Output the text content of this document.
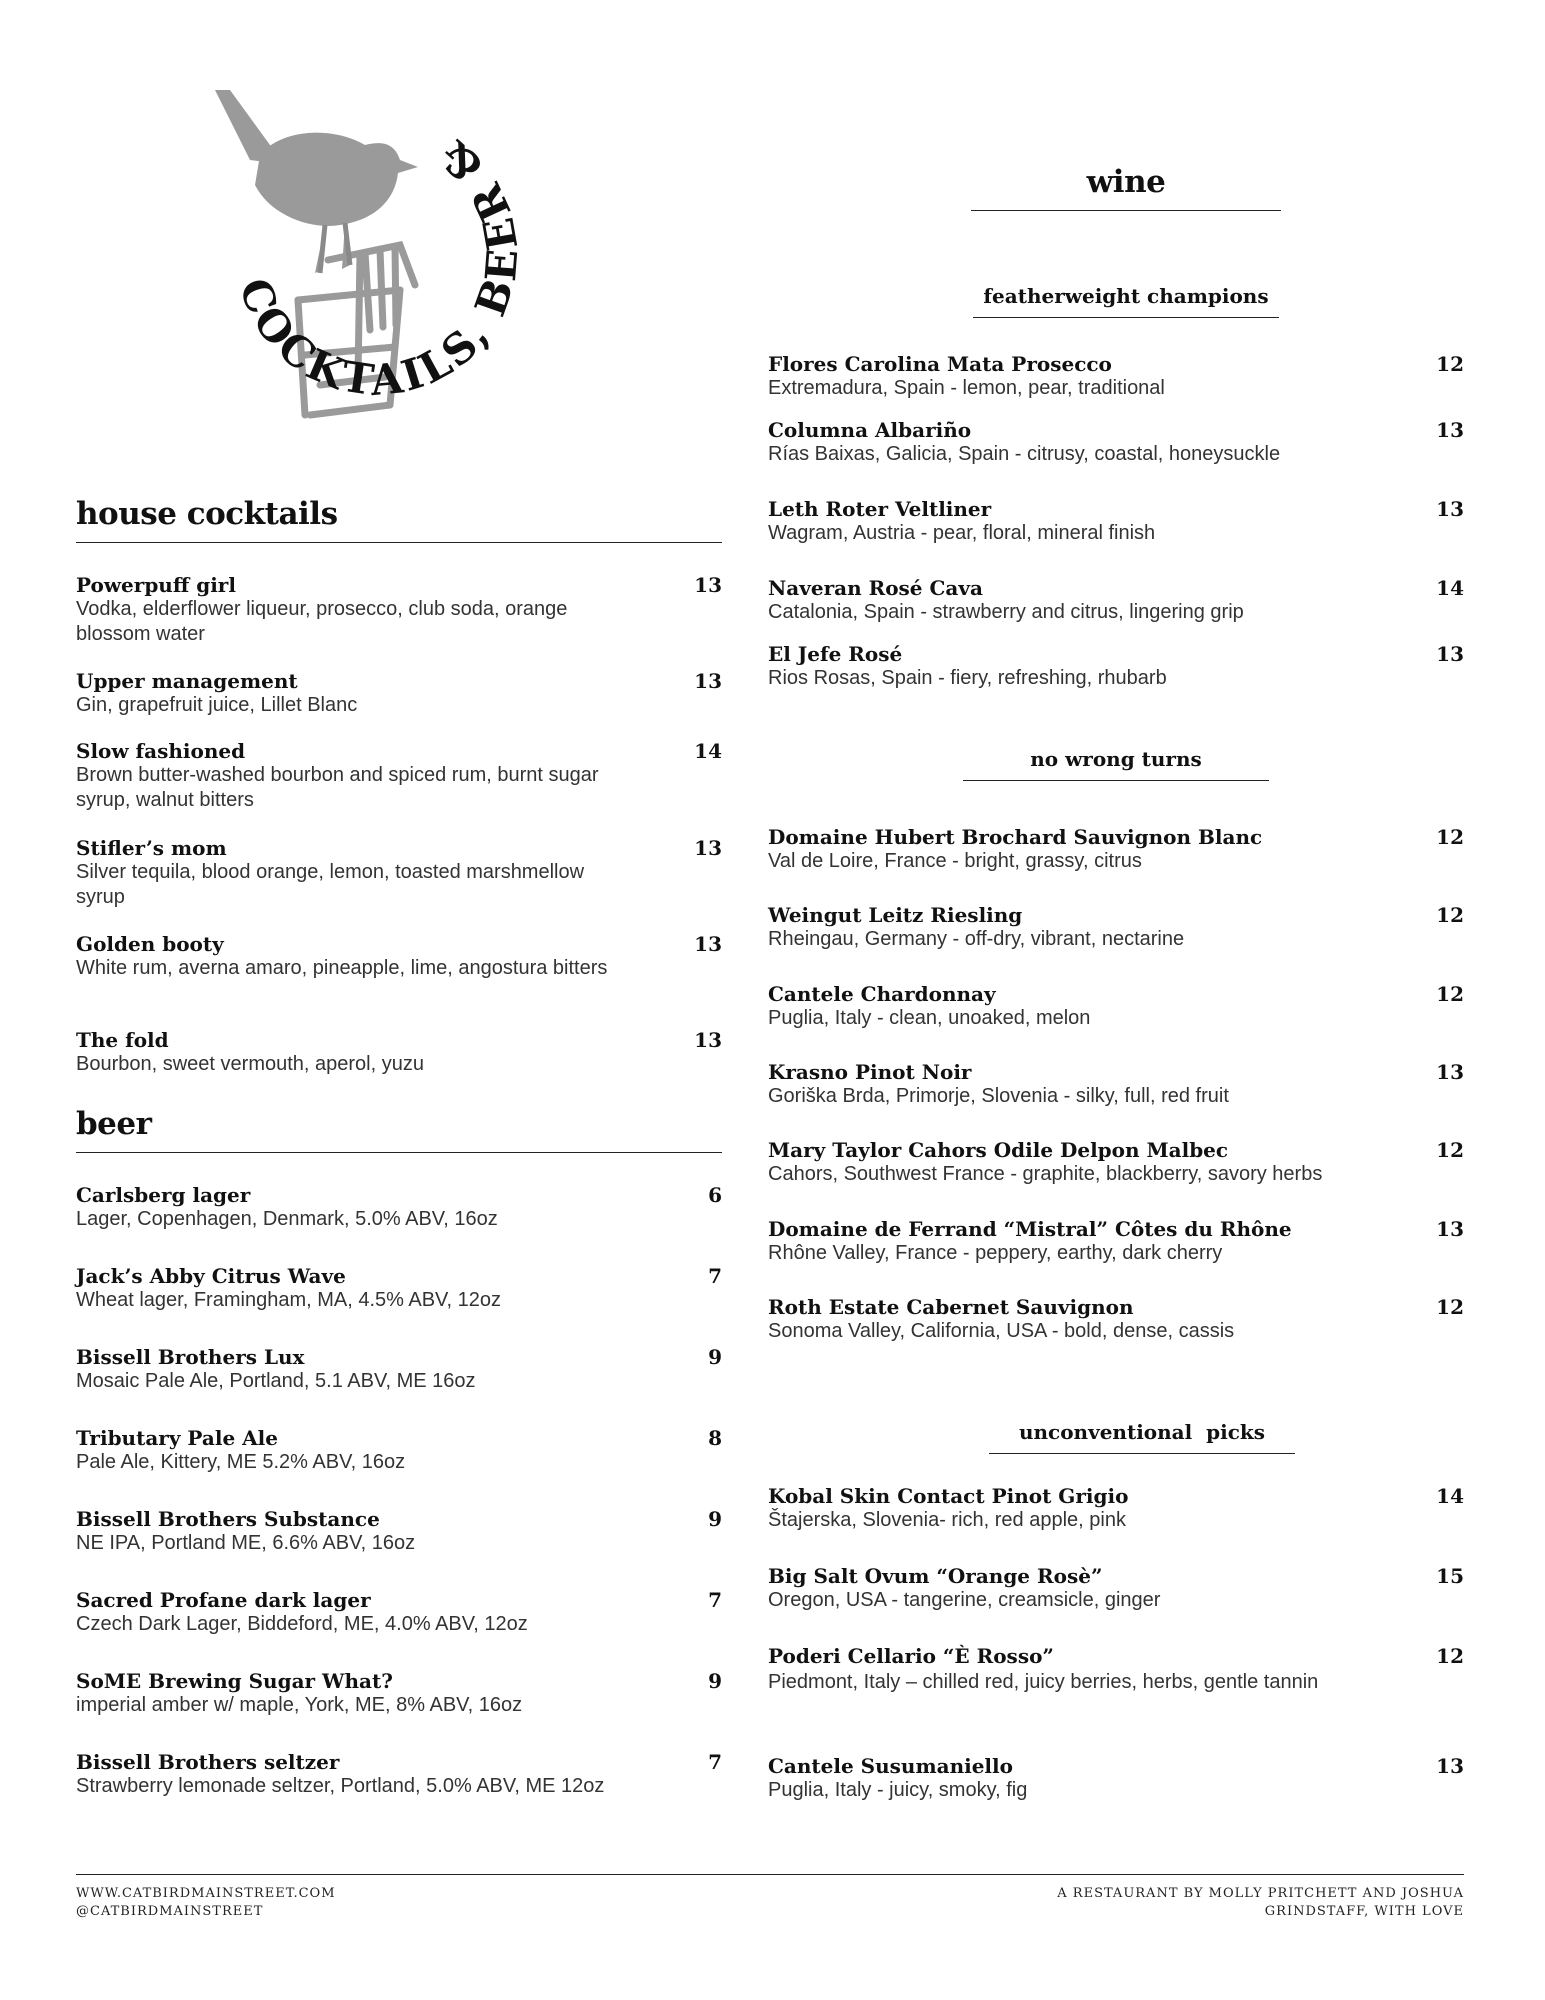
COCKTAILS, BEER &
house cocktails
Powerpuff girl
Vodka, elderflower liqueur, prosecco, club soda, orange blossom water
13
Upper management
Gin, grapefruit juice, Lillet Blanc
13
Slow fashioned
Brown butter-washed bourbon and spiced rum, burnt sugar syrup, walnut bitters
14
Stifler’s mom
Silver tequila, blood orange, lemon, toasted marshmellow syrup
13
Golden booty
White rum, averna amaro, pineapple, lime, angostura bitters
13
The fold
Bourbon, sweet vermouth, aperol, yuzu
13
beer
Carlsberg lager
Lager, Copenhagen, Denmark, 5.0% ABV, 16oz
6
Jack’s Abby Citrus Wave
Wheat lager, Framingham, MA, 4.5% ABV, 12oz
7
Bissell Brothers Lux
Mosaic Pale Ale, Portland, 5.1 ABV, ME 16oz
9
Tributary Pale Ale
Pale Ale, Kittery, ME 5.2% ABV, 16oz
8
Bissell Brothers Substance
NE IPA, Portland ME, 6.6% ABV, 16oz
9
Sacred Profane dark lager
Czech Dark Lager, Biddeford, ME, 4.0% ABV, 12oz
7
SoME Brewing Sugar What?
imperial amber w/ maple, York, ME, 8% ABV, 16oz
9
Bissell Brothers seltzer
Strawberry lemonade seltzer, Portland, 5.0% ABV, ME 12oz
7
wine
featherweight champions
Flores Carolina Mata Prosecco
Extremadura, Spain - lemon, pear, traditional
12
Columna Albariño
Rías Baixas, Galicia, Spain - citrusy, coastal, honeysuckle
13
Leth Roter Veltliner
Wagram, Austria - pear, floral, mineral finish
13
Naveran Rosé Cava
Catalonia, Spain - strawberry and citrus, lingering grip
14
El Jefe Rosé
Rios Rosas, Spain - fiery, refreshing, rhubarb
13
no wrong turns
Domaine Hubert Brochard Sauvignon Blanc
Val de Loire, France - bright, grassy, citrus
12
Weingut Leitz Riesling
Rheingau, Germany - off-dry, vibrant, nectarine
12
Cantele Chardonnay
Puglia, Italy - clean, unoaked, melon
12
Krasno Pinot Noir
Goriška Brda, Primorje, Slovenia - silky, full, red fruit
13
Mary Taylor Cahors Odile Delpon Malbec
Cahors, Southwest France - graphite, blackberry, savory herbs
12
Domaine de Ferrand “Mistral” Côtes du Rhône
Rhône Valley, France - peppery, earthy, dark cherry
13
Roth Estate Cabernet Sauvignon
Sonoma Valley, California, USA - bold, dense, cassis
12
unconventional  picks
Kobal Skin Contact Pinot Grigio
Štajerska, Slovenia- rich, red apple, pink
14
Big Salt Ovum “Orange Rosè”
Oregon, USA - tangerine, creamsicle, ginger
15
Poderi Cellario “È Rosso”
Piedmont, Italy – chilled red, juicy berries, herbs, gentle tannin
12
Cantele Susumaniello
Puglia, Italy - juicy, smoky, fig
13
WWW.CATBIRDMAINSTREET.COM
@CATBIRDMAINSTREET
A RESTAURANT BY MOLLY PRITCHETT AND JOSHUA
GRINDSTAFF, WITH LOVE
